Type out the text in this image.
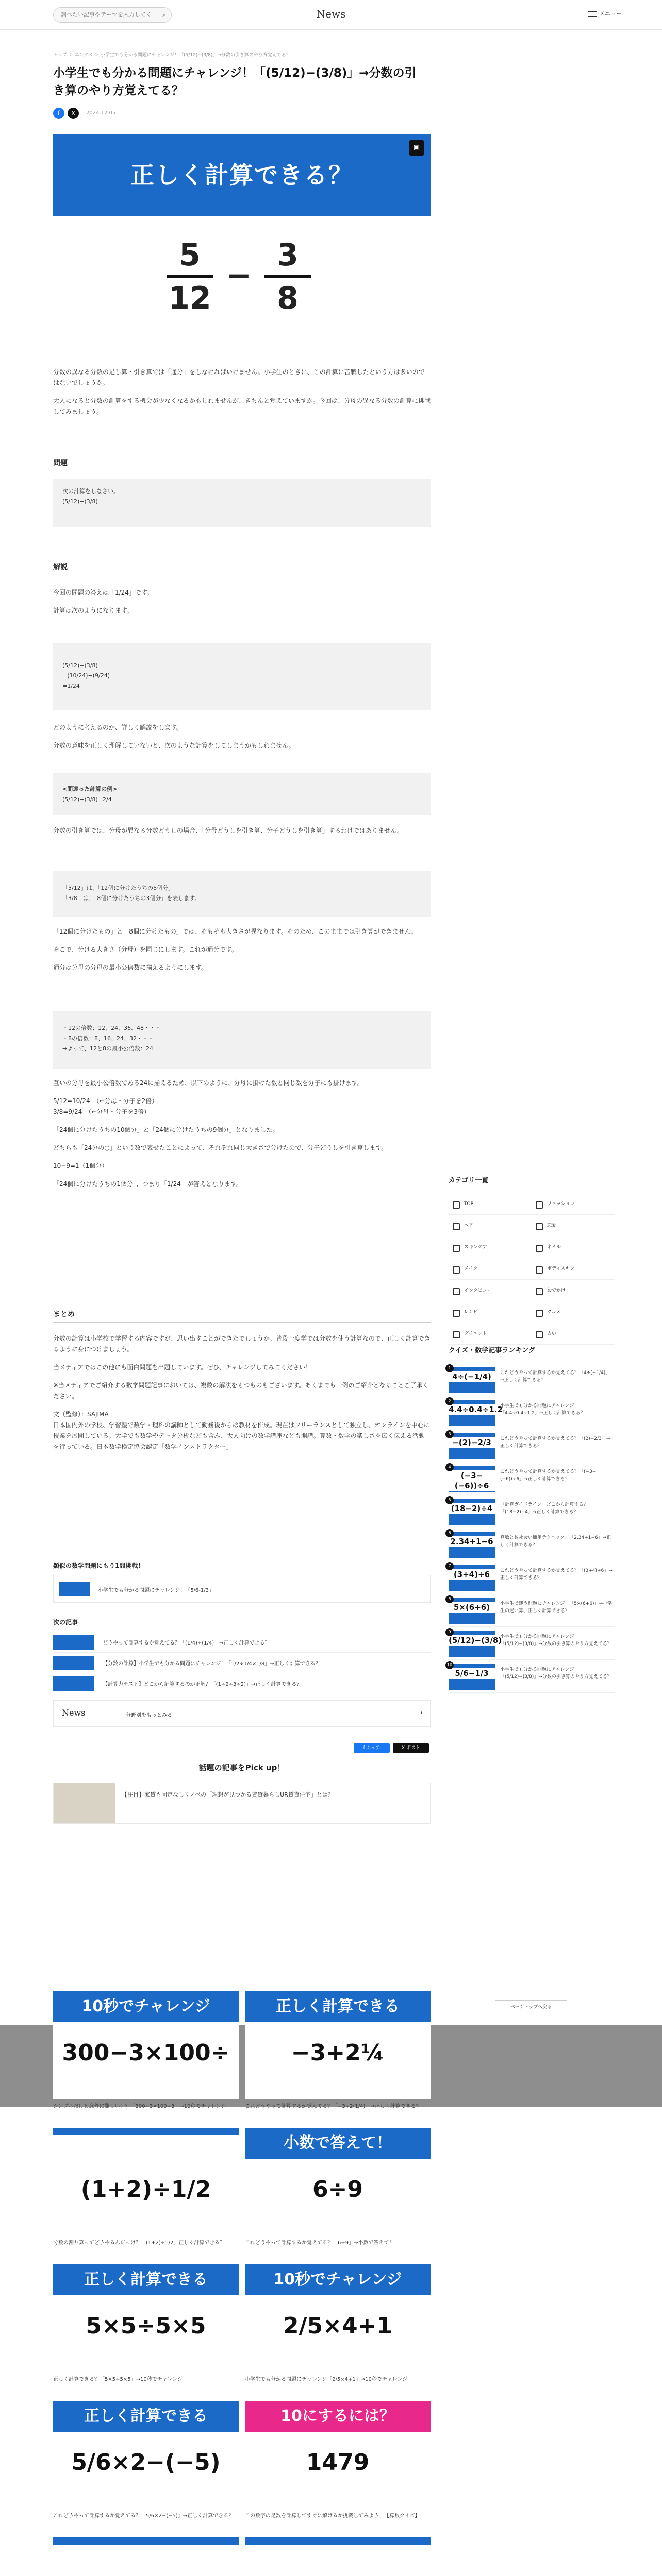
調べたい記事やテーマを入力してください
⌕	News	メニュー
トップ ＞ エンタメ ＞ 小学生でも分かる問題にチャレンジ！「(5/12)−(3/8)」→分数の引き算のやり方覚えてる？
小学生でも分かる問題にチャレンジ！「(5/12)−(3/8)」→分数の引き算のやり方覚えてる？
f X 2024.12.05
正しく計算できる？
▣
5
12
−
3
8

分数の異なる分数の足し算・引き算では「通分」をしなければいけません。小学生のときに、この計算に苦戦したという方は多いのではないでしょうか。

大人になると分数の計算をする機会が少なくなるかもしれませんが、きちんと覚えていますか。今回は、分母の異なる分数の計算に挑戦してみましょう。

問題
次の計算をしなさい。
(5/12)−(3/8)
解説

今回の問題の答えは「1/24」です。

計算は次のようになります。

(5/12)−(3/8)
=(10/24)−(9/24)
=1/24

どのように考えるのか、詳しく解説をします。

分数の意味を正しく理解していないと、次のような計算をしてしまうかもしれません。

<間違った計算の例>
(5/12)−(3/8)=2/4

分数の引き算では、分母が異なる分数どうしの場合、「分母どうしを引き算、分子どうしを引き算」するわけではありません。

「5/12」は、「12個に分けたうちの5個分」
「3/8」は、「8個に分けたうちの3個分」を表します。

「12個に分けたもの」と「8個に分けたもの」では、そもそも大きさが異なります。そのため、このままでは引き算ができません。

そこで、分ける大きさ（分母）を同じにします。これが通分です。

通分は分母の分母の最小公倍数に揃えるようにします。

・12の倍数：12、24、36、48・・・
・8の倍数：8、16、24、32・・・
→よって、12と8の最小公倍数：24

互いの分母を最小公倍数である24に揃えるため、以下のように、分母に掛けた数と同じ数を分子にも掛けます。

5/12=10/24　（←分母・分子を2倍）

3/8=9/24　（←分母・分子を3倍）

「24個に分けたうちの10個分」と「24個に分けたうちの9個分」となりました。

どちらも「24分の○」という数で表せたことによって、それぞれ同じ大きさで分けたので、分子どうしを引き算します。

10−9=1（1個分）

「24個に分けたうちの1個分」、つまり「1/24」が答えとなります。

まとめ

分数の計算は小学校で学習する内容ですが、思い出すことができたでしょうか。普段一度学では分数を使う計算なので、正しく計算できるように身につけましょう。

当メディアではこの他にも面白問題を出題しています。ぜひ、チャレンジしてみてください！

※当メディアでご紹介する数学問題記事においては、複数の解法をもつものもございます。あくまでも一例のご紹介となることご了承ください。

文（監修）：SAJIMA

日本国内外の学校、学習塾で数学・理科の講師として勤務後からは教材を作成。現在はフリーランスとして独立し、オンラインを中心に授業を展開している。大学でも数学やデータ分析なども含み、大人向けの数学講座なども開講。算数・数学の楽しさを広く伝える活動を行っている。日本数学検定協会認定「数学インストラクター」

類似の数学問題にもう1問挑戦！
小学生でも分かる問題にチャレンジ！「5/6-1/3」
次の記事
どうやって計算するか覚えてる？「(1/4)÷(1/4)」→正しく計算できる？
【分数の計算】小学生でも分かる問題にチャレンジ！「1/2÷1/4×1/8」→正しく計算できる？
【計算力テスト】どこから計算するのが正解？「(1÷2÷3÷2)」→正しく計算できる？
News	分野別をもっとみる	›
f シェア	X ポスト
話題の記事をPick up！
【注目】家賃も固定なしリノベの「理想が見つかる賃貸暮らしUR賃貸住宅」とは？
カテゴリ一覧
TOP	ファッション
ヘア	恋愛
スキンケア	ネイル
メイク	ボディスキン
インタビュー	おでかけ
レシピ	グルメ
ダイエット	占い
クイズ・数学記事ランキング
4÷(−1/4)
1
これどうやって計算するか覚えてる？「4÷(−1/4)」→正しく計算できる？
4.4÷0.4÷1.2
2
小学生でも分かる問題にチャレンジ！「4.4÷0.4÷1.2」→正しく計算できる？
−(2)−2/3
3
これどうやって計算するか覚えてる？「(2)−2/3」→正しく計算できる？
(−3−(−6))÷6
4
これどうやって計算するか覚えてる？「(−3−(−6))÷6」→正しく計算できる？
(18−2)÷4
5
「計算ガイドライン」どこから計算する？「(18−2)÷4」→正しく計算できる？
2.34+1−6
6
算数と数社会い簡単テクニック！「2.34+1−6」→正しく計算できる？
(3+4)÷6
7
これどうやって計算するか覚えてる？「(3+4)÷6」→正しく計算できる？
5×(6+6)
8
小学生で迷う問題にチャレンジ！「5×(6+6)」→小学生の迷い算、正しく計算できる？
(5/12)−(3/8)
9
小学生でも分かる問題にチャレンジ！「(5/12)−(3/8)」→分数の引き算のやり方覚えてる？
5/6−1/3
10
小学生でも分かる問題にチャレンジ！「(5/12)−(3/8)」→分数の引き算のやり方覚えてる？
ページトップへ戻る
10秒でチャレンジ
300−3×100÷
シンプルだけど意外に難しい！？「300−3×100÷3」→10秒でチャレンジ
正しく計算できる
−3+2¼
これどうやって計算するか覚えてる？「−3+2(1/4)」→正しく計算できる？
(1+2)÷1/2
分数の割り算ってどうやるんだっけ？「(1+2)÷1/2」正しく計算できる？
小数で答えて！
6÷9
これどうやって計算するか覚えてる？「6÷9」→小数で答えて！
正しく計算できる
5×5÷5×5
正しく計算できる？「5×5÷5×5」→10秒でチャレンジ
10秒でチャレンジ
2/5×4+1
小学生でも分かる問題にチャレンジ「2/5×4+1」→10秒でチャレンジ
正しく計算できる
5/6×2−(−5)
これどうやって計算するか覚えてる？「5/6×2−(−5)」→正しく計算できる？
10にするには？
1479
この数字の足数を計算してすぐに解けるか挑戦してみよう！【算数クイズ】
